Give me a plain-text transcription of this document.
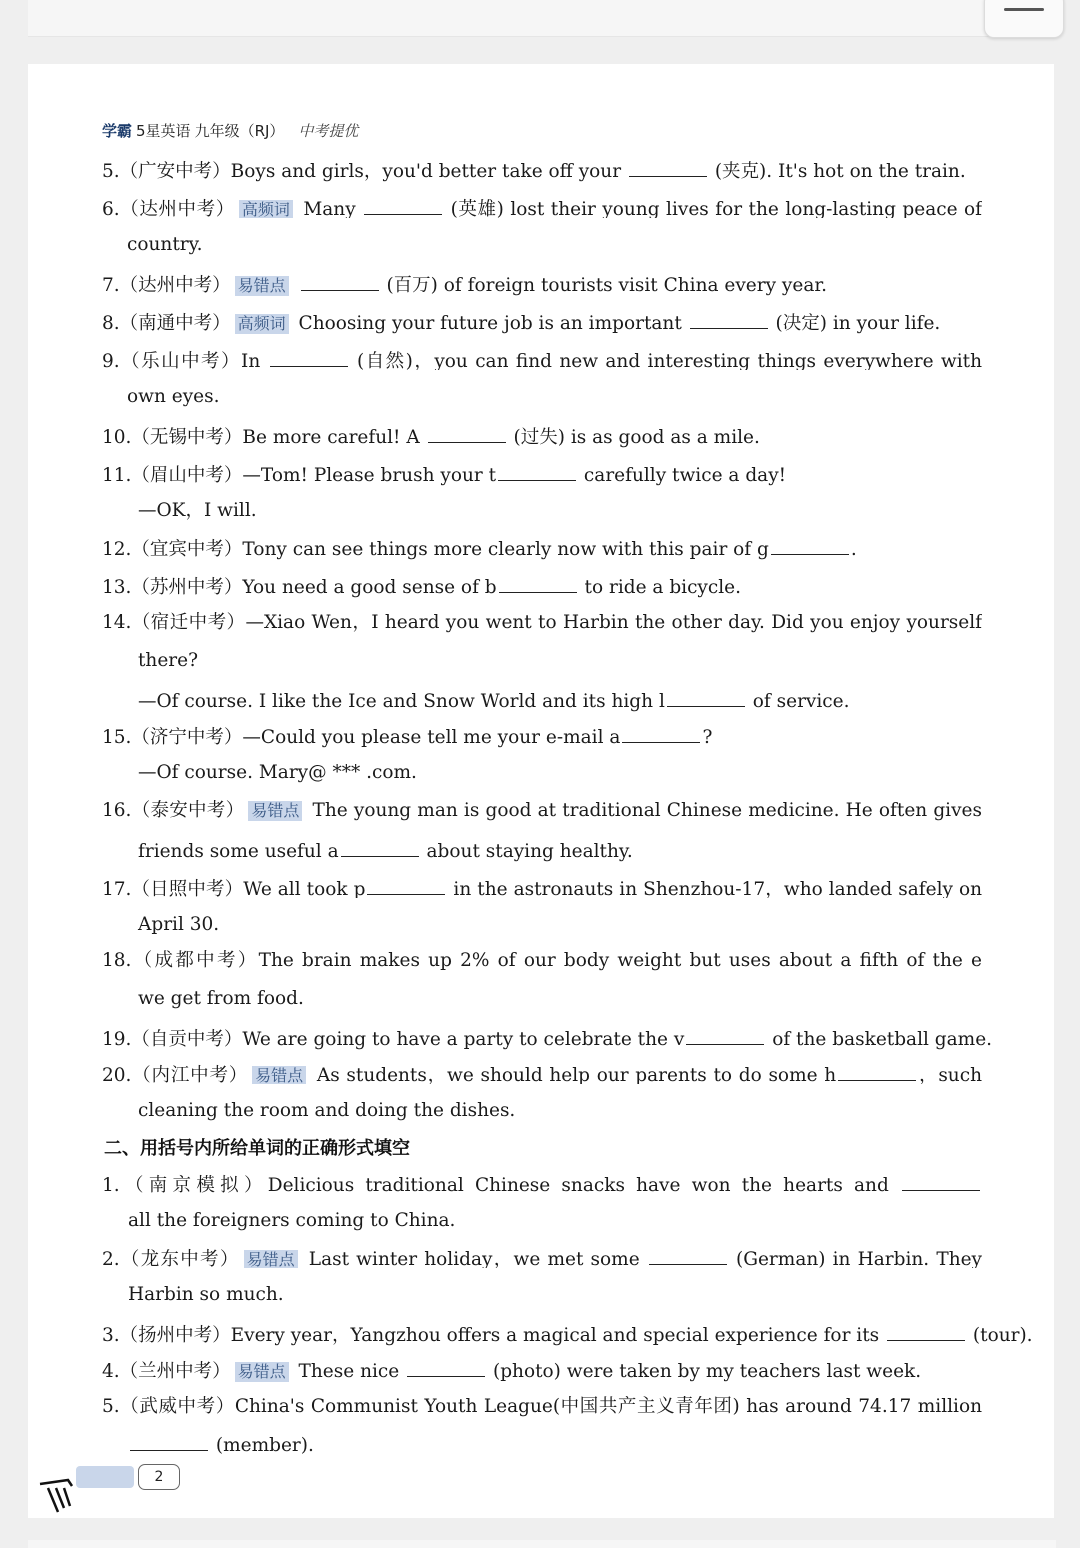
学霸 5星英语 九年级（RJ） 中考提优
二、用括号内所给单词的正确形式填空
2
5.（广安中考）Boys and girls，you'd better take off your	(夹克). It's hot on the train.
6.（达州中考） 高频词 Many	(英雄) lost their young lives for the long-lasting peace of
country.
7.（达州中考） 易错点	(百万) of foreign tourists visit China every year.
8.（南通中考） 高频词 Choosing your future job is an important	(决定) in your life.
9.（乐山中考）In	(自然)，you can find new and interesting things everywhere with
own eyes.
10.（无锡中考）Be more careful! A	(过失) is as good as a mile.
11.（眉山中考）—Tom! Please brush your t	carefully twice a day!
—OK，I will.
12.（宜宾中考）Tony can see things more clearly now with this pair of g	.
13.（苏州中考）You need a good sense of b	to ride a bicycle.
14.（宿迁中考）—Xiao Wen，I heard you went to Harbin the other day. Did you enjoy yourself
there?
—Of course. I like the Ice and Snow World and its high l	of service.
15.（济宁中考）—Could you please tell me your e-mail a	?
—Of course. Mary@ *** .com.
16.（泰安中考） 易错点 The young man is good at traditional Chinese medicine. He often gives
friends some useful a	about staying healthy.
17.（日照中考）We all took p	in the astronauts in Shenzhou-17，who landed safely on
April 30.
18.（成都中考）The brain makes up 2% of our body weight but uses about a fifth of the e
we get from food.
19.（自贡中考）We are going to have a party to celebrate the v	of the basketball game.
20.（内江中考） 易错点 As students，we should help our parents to do some h	，such
cleaning the room and doing the dishes.
1.（南京模拟）Delicious traditional Chinese snacks have won the hearts and
all the foreigners coming to China.
2.（龙东中考） 易错点 Last winter holiday，we met some	(German) in Harbin. They
Harbin so much.
3.（扬州中考）Every year，Yangzhou offers a magical and special experience for its	(tour).
4.（兰州中考） 易错点 These nice	(photo) were taken by my teachers last week.
5.（武威中考）China's Communist Youth League(中国共产主义青年团) has around 74.17 million
(member).
